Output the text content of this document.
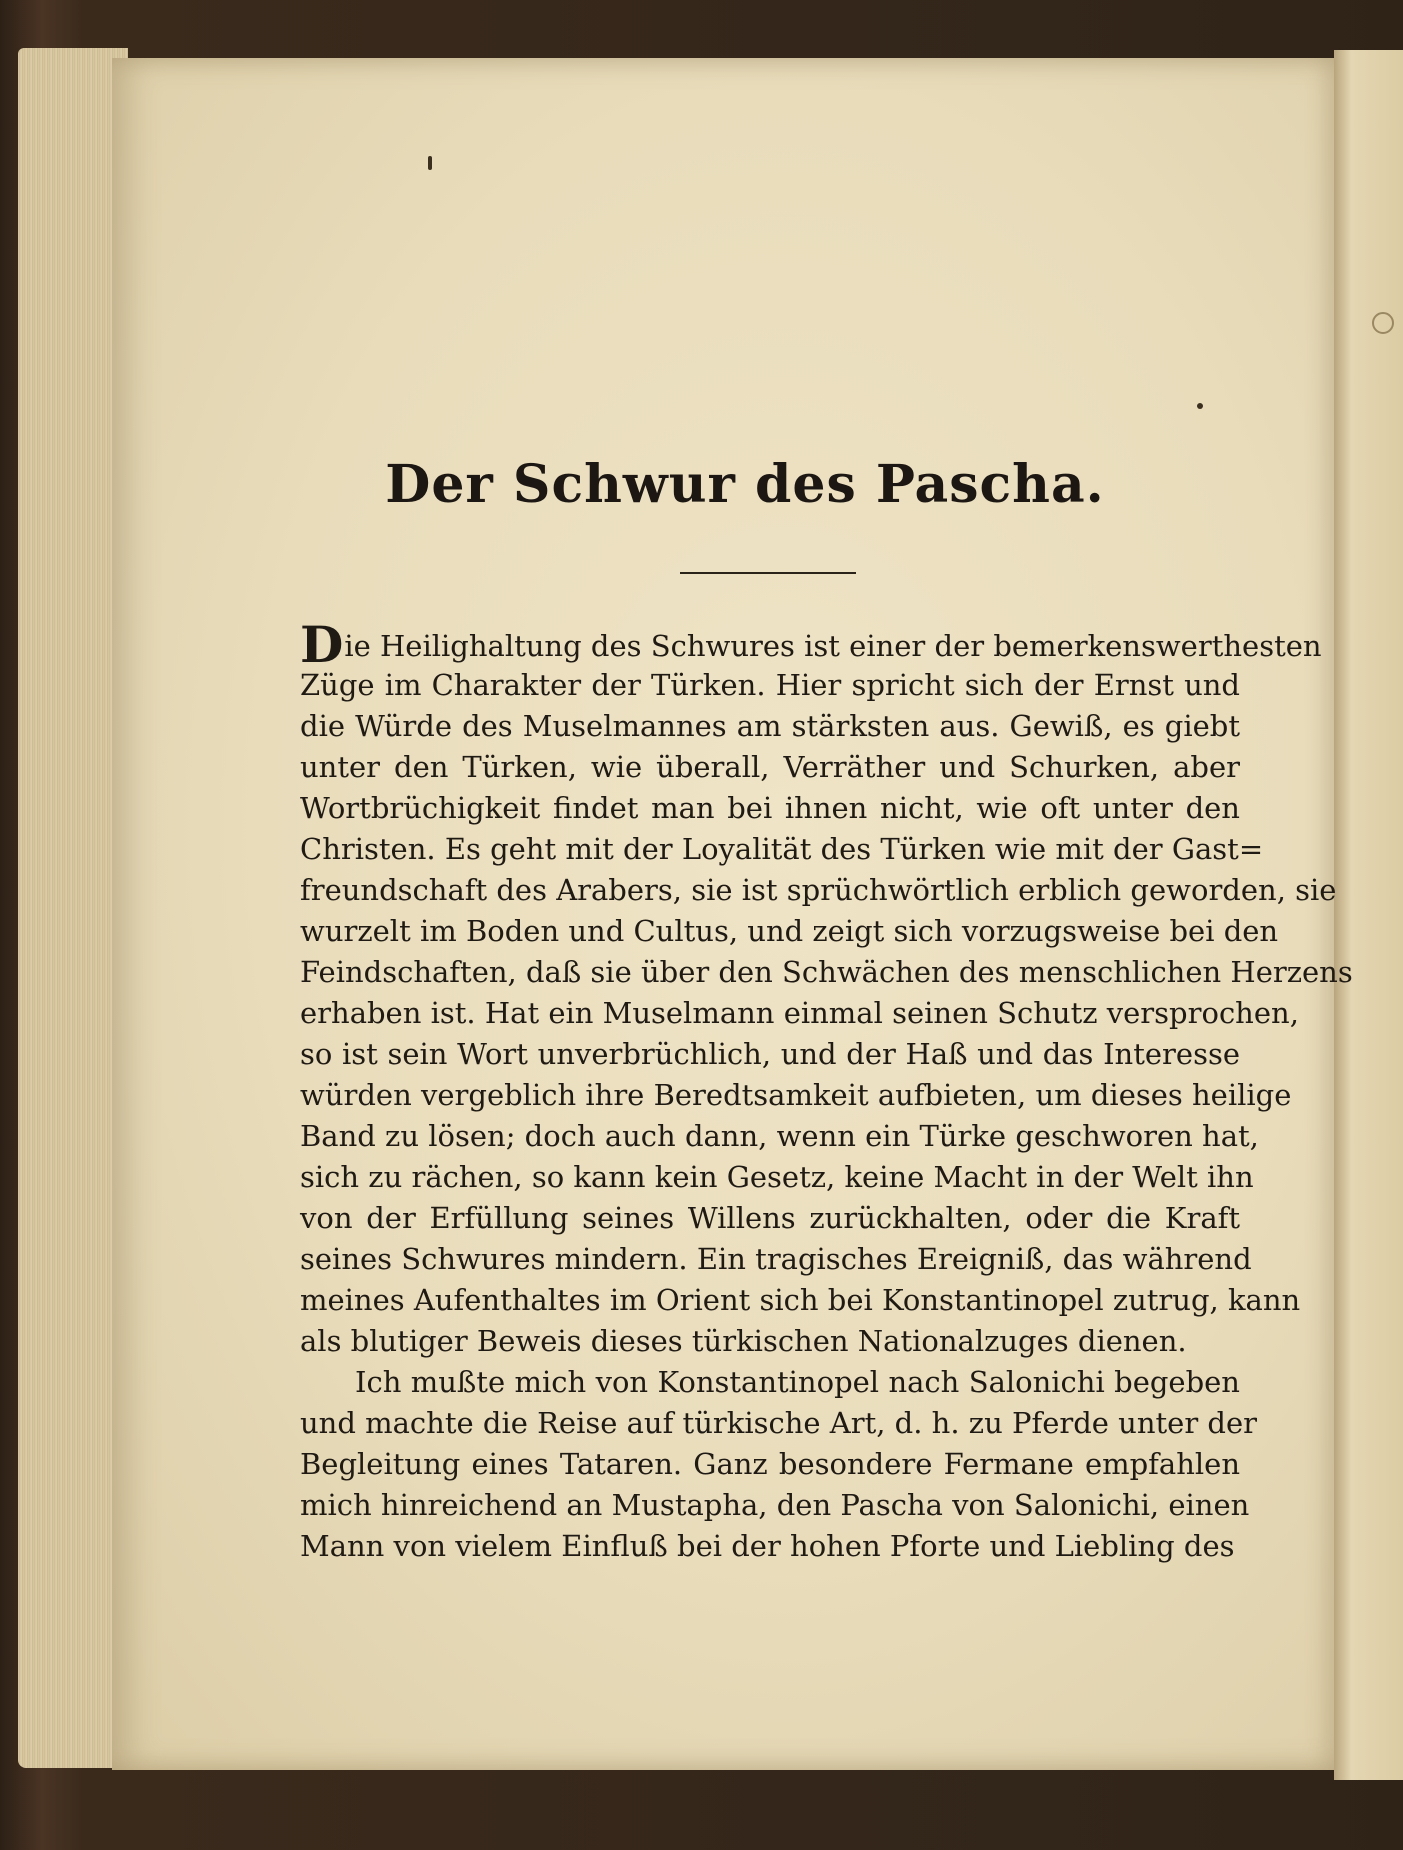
Der Schwur des Pascha.
Die Heilighaltung des Schwures ist einer der bemerkenswerthesten
Züge im Charakter der Türken. Hier spricht sich der Ernst und
die Würde des Muselmannes am stärksten aus. Gewiß, es giebt
unter den Türken, wie überall, Verräther und Schurken, aber
Wortbrüchigkeit findet man bei ihnen nicht, wie oft unter den
Christen. Es geht mit der Loyalität des Türken wie mit der Gast=
freundschaft des Arabers, sie ist sprüchwörtlich erblich geworden, sie
wurzelt im Boden und Cultus, und zeigt sich vorzugsweise bei den
Feindschaften, daß sie über den Schwächen des menschlichen Herzens
erhaben ist. Hat ein Muselmann einmal seinen Schutz versprochen,
so ist sein Wort unverbrüchlich, und der Haß und das Interesse
würden vergeblich ihre Beredtsamkeit aufbieten, um dieses heilige
Band zu lösen; doch auch dann, wenn ein Türke geschworen hat,
sich zu rächen, so kann kein Gesetz, keine Macht in der Welt ihn
von der Erfüllung seines Willens zurückhalten, oder die Kraft
seines Schwures mindern. Ein tragisches Ereigniß, das während
meines Aufenthaltes im Orient sich bei Konstantinopel zutrug, kann
als blutiger Beweis dieses türkischen Nationalzuges dienen.
Ich mußte mich von Konstantinopel nach Salonichi begeben
und machte die Reise auf türkische Art, d. h. zu Pferde unter der
Begleitung eines Tataren. Ganz besondere Fermane empfahlen
mich hinreichend an Mustapha, den Pascha von Salonichi, einen
Mann von vielem Einfluß bei der hohen Pforte und Liebling des
